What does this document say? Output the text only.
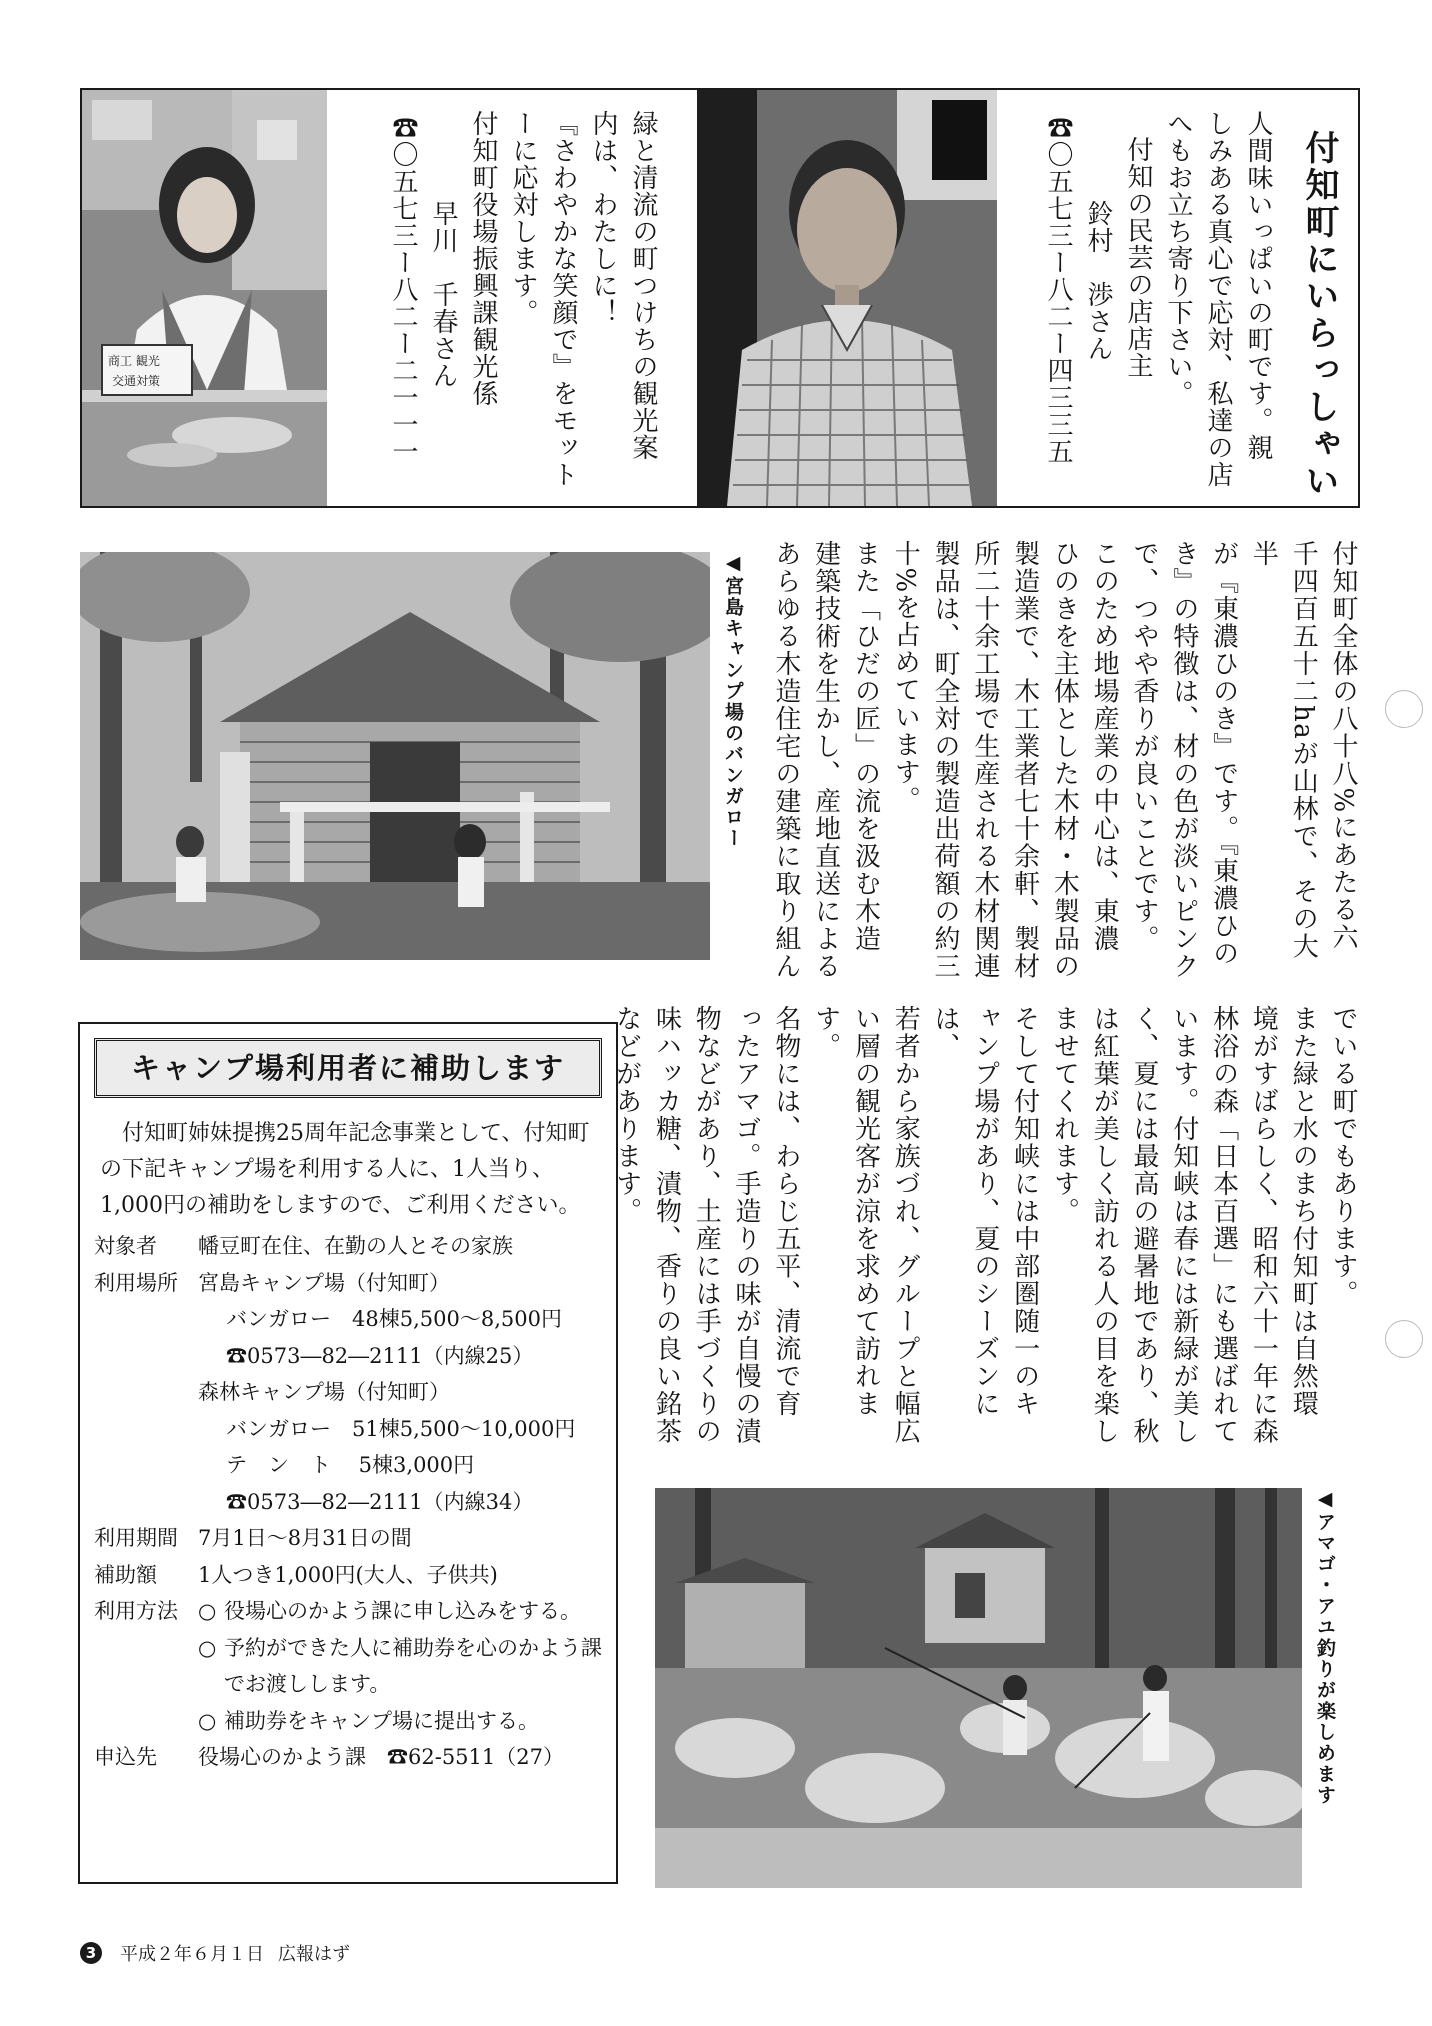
商工 観光
交通対策	付知町にいらっしゃい
人間味いっぱいの町です。親
しみある真心で応対、私達の店
へもお立ち寄り下さい。
付知の民芸の店店主
鈴村　渉さん
☎〇五七三ー八二ー四三三五
緑と清流の町つけちの観光案
内は、わたしに！
『さわやかな笑顔で』をモット
ーに応対します。
付知町役場振興課観光係
早川　千春さん
☎〇五七三ー八二ー二一一一
◀宮島キャンプ場のバンガロー	付知町全体の八十八%にあたる六
千四百五十二haが山林で、その大半
が『東濃ひのき』です。『東濃ひの
き』の特徴は、材の色が淡いピンク
で、つやや香りが良いことです。
このため地場産業の中心は、東濃
ひのきを主体とした木材・木製品の
製造業で、木工業者七十余軒、製材
所二十余工場で生産される木材関連
製品は、町全対の製造出荷額の約三
十%を占めています。
また「ひだの匠」の流を汲む木造
建築技術を生かし、産地直送による
あらゆる木造住宅の建築に取り組ん
でいる町でもあります。
また緑と水のまち付知町は自然環
境がすばらしく、昭和六十一年に森
林浴の森「日本百選」にも選ばれて
います。付知峡は春には新緑が美し
く、夏には最高の避暑地であり、秋
は紅葉が美しく訪れる人の目を楽し
ませてくれます。
そして付知峡には中部圏随一のキ
ャンプ場があり、夏のシーズンには、
若者から家族づれ、グループと幅広
い層の観光客が涼を求めて訪れます。
名物には、わらじ五平、清流で育
ったアマゴ。手造りの味が自慢の漬
物などがあり、土産には手づくりの
味ハッカ糖、漬物、香りの良い銘茶
などがあります。
キャンプ場利用者に補助します
付知町姉妹提携25周年記念事業として、付知町の下記キャンプ場を利用する人に、1人当り、1,000円の補助をしますので、ご利用ください。
対象者	幡豆町在住、在勤の人とその家族
利用場所 宮島キャンプ場（付知町）
バンガロー　48棟5,500～8,500円
☎0573―82―2111（内線25）
森林キャンプ場（付知町）
バンガロー　51棟5,500～10,000円
テ　ン　ト　 5棟3,000円
☎0573―82―2111（内線34）
利用期間 7月1日～8月31日の間
補助額	1人つき1,000円(大人、子供共)
利用方法 ○ 役場心のかよう課に申し込みをする。
○ 予約ができた人に補助券を心のかよう課でお渡しします。
○ 補助券をキャンプ場に提出する。
申込先	役場心のかよう課　☎62-5511（27）	◀アマゴ・アユ釣りが楽しめます
3	平成２年６月１日 広報はず
